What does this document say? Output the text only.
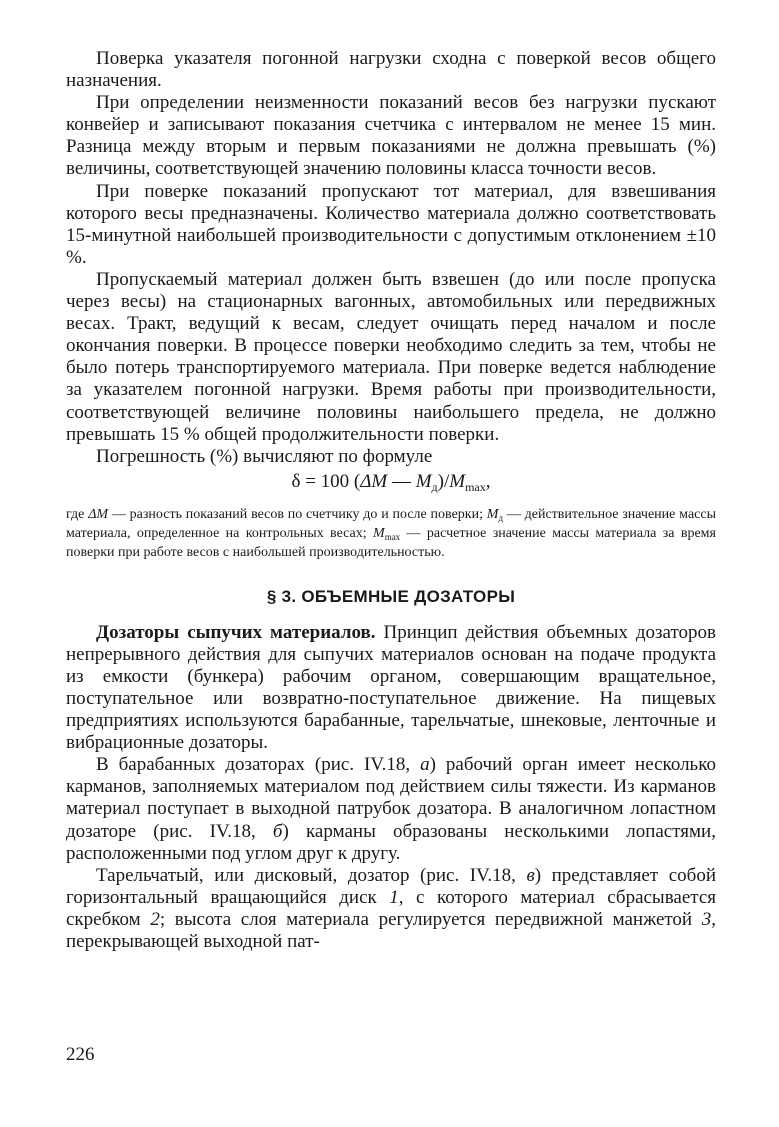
Поверка указателя погонной нагрузки сходна с поверкой весов общего назначения.

При определении неизменности показаний весов без нагрузки пускают конвейер и записывают показания счетчика с интервалом не менее 15 мин. Разница между вторым и первым показаниями не должна превышать (%) величины, соответствующей значению половины класса точности весов.

При поверке показаний пропускают тот материал, для взвешивания которого весы предназначены. Количество материала должно соответствовать 15-минутной наибольшей производительности с допустимым отклонением ±10 %.

Пропускаемый материал должен быть взвешен (до или после пропуска через весы) на стационарных вагонных, автомобильных или передвижных весах. Тракт, ведущий к весам, следует очищать перед началом и после окончания поверки. В процессе поверки необходимо следить за тем, чтобы не было потерь транспортируемого материала. При поверке ведется наблюдение за указателем погонной нагрузки. Время работы при производительности, соответствующей величине половины наибольшего предела, не должно превышать 15 % общей продолжительности поверки.

Погрешность (%) вычисляют по формуле

δ = 100 (ΔM — $M_д)/M_{max}$,

где ΔM — разность показаний весов по счетчику до и после поверки; $M_д$ — действительное значение массы материала, определенное на контрольных весах; $M_{max}$ — расчетное значение массы материала за время поверки при работе весов с наибольшей производительностью.

§ 3. ОБЪЕМНЫЕ ДОЗАТОРЫ

Дозаторы сыпучих материалов. Принцип действия объемных дозаторов непрерывного действия для сыпучих материалов основан на подаче продукта из емкости (бункера) рабочим органом, совершающим вращательное, поступательное или возвратно-поступательное движение. На пищевых предприятиях используются барабанные, тарельчатые, шнековые, ленточные и вибрационные дозаторы.

В барабанных дозаторах (рис. IV.18, а) рабочий орган имеет несколько карманов, заполняемых материалом под действием силы тяжести. Из карманов материал поступает в выходной патрубок дозатора. В аналогичном лопастном дозаторе (рис. IV.18, б) карманы образованы несколькими лопастями, расположенными под углом друг к другу.

Тарельчатый, или дисковый, дозатор (рис. IV.18, в) представляет собой горизонтальный вращающийся диск 1, с которого материал сбрасывается скребком 2; высота слоя материала регулируется передвижной манжетой 3, перекрывающей выходной пат-

226
